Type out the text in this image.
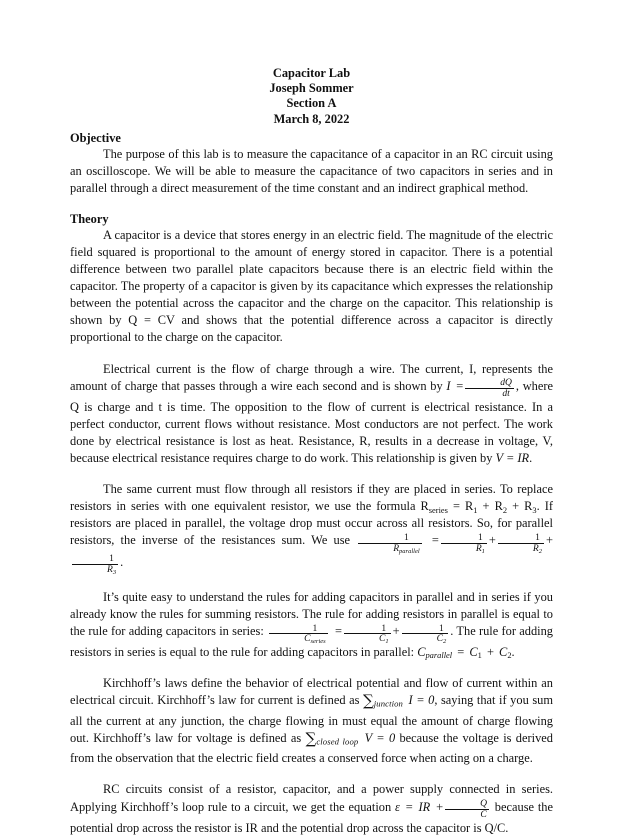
Capacitor Lab
Joseph Sommer
Section A
March 8, 2022
Objective

The purpose of this lab is to measure the capacitance of a capacitor in an RC circuit using an oscilloscope. We will be able to measure the capacitance of two capacitors in series and in parallel through a direct measurement of the time constant and an indirect graphical method.

Theory

A capacitor is a device that stores energy in an electric field. The magnitude of the electric field squared is proportional to the amount of energy stored in capacitor. There is a potential difference between two parallel plate capacitors because there is an electric field within the capacitor. The property of a capacitor is given by its capacitance which expresses the relationship between the potential across the capacitor and the charge on the capacitor. This relationship is shown by Q = CV and shows that the potential difference across a capacitor is directly proportional to the charge on the capacitor.

Electrical current is the flow of charge through a wire. The current, I, represents the amount of charge that passes through a wire each second and is shown by $I = \frac{dQ}{dt}$ , where Q is charge and t is time. The opposition to the flow of current is electrical resistance. In a perfect conductor, current flows without resistance. Most conductors are not perfect. The work done by electrical resistance is lost as heat. Resistance, R, results in a decrease in voltage, V, because electrical resistance requires charge to do work. This relationship is given by V = IR.

The same current must flow through all resistors if they are placed in series. To replace resistors in series with one equivalent resistor, we use the formula $R_{series} = R_1 + R_2 + R_3$. If resistors are placed in parallel, the voltage drop must occur across all resistors. So, for parallel resistors, the inverse of the resistances sum. We use $\frac{1}{R_{parallel}} = \frac{1}{R_1} + \frac{1}{R_2}$ +
$\frac{1}{R_3}$ .

It’s quite easy to understand the rules for adding capacitors in parallel and in series if you already know the rules for summing resistors. The rule for adding resistors in parallel is equal to the rule for adding capacitors in series: $\frac{1}{C_{series}} = \frac{1}{C_1} + \frac{1}{C_2}$ . The rule for adding resistors in series is equal to the rule for adding capacitors in parallel: $C_{parallel} = C_1 + C_2$.

Kirchhoff’s laws define the behavior of electrical potential and flow of current within an electrical circuit. Kirchhoff’s law for current is defined as ∑junction I = 0, saying that if you sum all the current at any junction, the charge flowing in must equal the amount of charge flowing out. Kirchhoff’s law for voltage is defined as ∑closed loop V = 0 because the voltage is derived from the observation that the electric field creates a conserved force when acting on a charge.

RC circuits consist of a resistor, capacitor, and a power supply connected in series. Applying Kirchhoff’s loop rule to a circuit, we get the equation ε = IR + $\frac{Q}{C}$ because the potential drop across the resistor is IR and the potential drop across the capacitor is Q/C.
